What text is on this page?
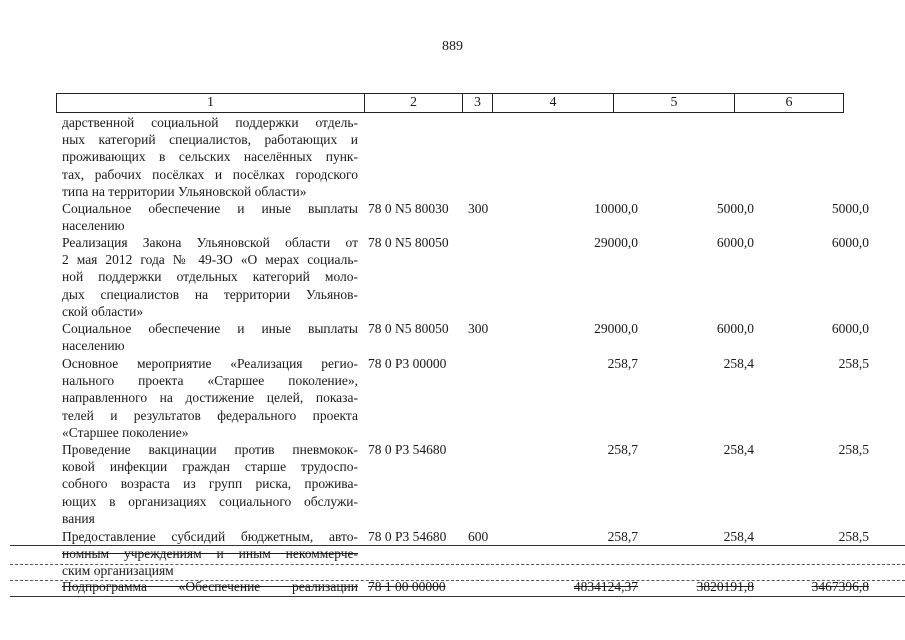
889
1	2	3	4	5	6
дарственной социальной поддержки отдель-
ных категорий специалистов, работающих и
проживающих в сельских населённых пунк-
тах, рабочих посёлках и посёлках городского
типа на территории Ульяновской области»
Социальное обеспечение и иные выплаты
населению
78 0 N5 80030 300	10000,0	5000,0	5000,0
Реализация Закона Ульяновской области от
2 мая 2012 года № 49-ЗО «О мерах социаль-
ной поддержки отдельных категорий моло-
дых специалистов на территории Ульянов-
ской области»
78 0 N5 80050	29000,0	6000,0	6000,0
Социальное обеспечение и иные выплаты
населению
78 0 N5 80050 300	29000,0	6000,0	6000,0
Основное мероприятие «Реализация регио-
нального проекта «Старшее поколение»,
направленного на достижение целей, показа-
телей и результатов федерального проекта
«Старшее поколение»
78 0 P3 00000	258,7	258,4	258,5
Проведение вакцинации против пневмокок-
ковой инфекции граждан старше трудоспо-
собного возраста из групп риска, прожива-
ющих в организациях социального обслужи-
вания
78 0 P3 54680	258,7	258,4	258,5
Предоставление субсидий бюджетным, авто-
номным учреждениям и иным некоммерче-
ским организациям
78 0 P3 54680 600	258,7	258,4	258,5
Подпрограмма «Обеспечение реализации 78 1 00 00000	4834124,37	3820191,8	3467396,8
